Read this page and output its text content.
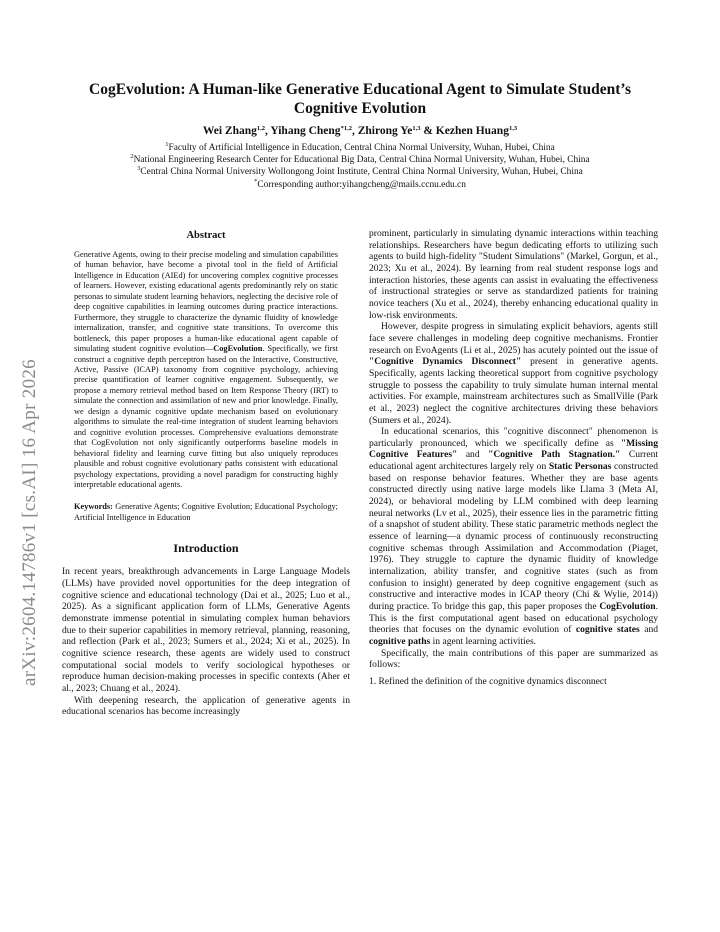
arXiv:2604.14786v1 [cs.AI] 16 Apr 2026
CogEvolution: A Human-like Generative Educational Agent to Simulate Student’s
Cognitive Evolution
Wei Zhang$^{1,2}$, Yihang Cheng$^{*1,2}$, Zhirong Ye$^{1,3}$ & Kezhen Huang$^{1,3}$
$^1$Faculty of Artificial Intelligence in Education, Central China Normal University, Wuhan, Hubei, China
$^2$National Engineering Research Center for Educational Big Data, Central China Normal University, Wuhan, Hubei, China
$^3$Central China Normal University Wollongong Joint Institute, Central China Normal University, Wuhan, Hubei, China
*Corresponding author:yihangcheng@mails.ccnu.edu.cn
Abstract

Generative Agents, owing to their precise modeling and simulation capabilities of human behavior, have become a pivotal tool in the field of Artificial Intelligence in Education (AIEd) for uncovering complex cognitive processes of learners. However, existing educational agents predominantly rely on static personas to simulate student learning behaviors, neglecting the decisive role of deep cognitive capabilities in learning outcomes during practice interactions. Furthermore, they struggle to characterize the dynamic fluidity of knowledge internalization, transfer, and cognitive state transitions. To overcome this bottleneck, this paper proposes a human-like educational agent capable of simulating student cognitive evolution—CogEvolution. Specifically, we first construct a cognitive depth perceptron based on the Interactive, Constructive, Active, Passive (ICAP) taxonomy from cognitive psychology, achieving precise quantification of learner cognitive engagement. Subsequently, we propose a memory retrieval method based on Item Response Theory (IRT) to simulate the connection and assimilation of new and prior knowledge. Finally, we design a dynamic cognitive update mechanism based on evolutionary algorithms to simulate the real-time integration of student learning behaviors and cognitive evolution processes. Comprehensive evaluations demonstrate that CogEvolution not only significantly outperforms baseline models in behavioral fidelity and learning curve fitting but also uniquely reproduces plausible and robust cognitive evolutionary paths consistent with educational psychology expectations, providing a novel paradigm for constructing highly interpretable educational agents.

Keywords: Generative Agents; Cognitive Evolution; Educational Psychology; Artificial Intelligence in Education

Introduction

In recent years, breakthrough advancements in Large Language Models (LLMs) have provided novel opportunities for the deep integration of cognitive science and educational technology (Dai et al., 2025; Luo et al., 2025). As a significant application form of LLMs, Generative Agents demonstrate immense potential in simulating complex human behaviors due to their superior capabilities in memory retrieval, planning, reasoning, and reflection (Park et al., 2023; Sumers et al., 2024; Xi et al., 2025). In cognitive science research, these agents are widely used to construct computational social models to verify sociological hypotheses or reproduce human decision-making processes in specific contexts (Aher et al., 2023; Chuang et al., 2024).

With deepening research, the application of generative agents in educational scenarios has become increasingly

prominent, particularly in simulating dynamic interactions within teaching relationships. Researchers have begun dedicating efforts to utilizing such agents to build high-fidelity "Student Simulations" (Markel, Gorgun, et al., 2023; Xu et al., 2024). By learning from real student response logs and interaction histories, these agents can assist in evaluating the effectiveness of instructional strategies or serve as standardized patients for training novice teachers (Xu et al., 2024), thereby enhancing educational quality in low-risk environments.

However, despite progress in simulating explicit behaviors, agents still face severe challenges in modeling deep cognitive mechanisms. Frontier research on EvoAgents (Li et al., 2025) has acutely pointed out the issue of "Cognitive Dynamics Disconnect" present in generative agents. Specifically, agents lacking theoretical support from cognitive psychology struggle to possess the capability to truly simulate human internal mental activities. For example, mainstream architectures such as SmallVille (Park et al., 2023) neglect the cognitive architectures driving these behaviors (Sumers et al., 2024).

In educational scenarios, this "cognitive disconnect" phenomenon is particularly pronounced, which we specifically define as "Missing Cognitive Features" and "Cognitive Path Stagnation." Current educational agent architectures largely rely on Static Personas constructed based on response behavior features. Whether they are base agents constructed directly using native large models like Llama 3 (Meta AI, 2024), or behavioral modeling by LLM combined with deep learning neural networks (Lv et al., 2025), their essence lies in the parametric fitting of a snapshot of student ability. These static parametric methods neglect the essence of learning—a dynamic process of continuously reconstructing cognitive schemas through Assimilation and Accommodation (Piaget, 1976). They struggle to capture the dynamic fluidity of knowledge internalization, ability transfer, and cognitive states (such as from confusion to insight) generated by deep cognitive engagement (such as constructive and interactive modes in ICAP theory (Chi & Wylie, 2014)) during practice. To bridge this gap, this paper proposes the CogEvolution. This is the first computational agent based on educational psychology theories that focuses on the dynamic evolution of cognitive states and cognitive paths in agent learning activities.

Specifically, the main contributions of this paper are summarized as follows:

1. Refined the definition of the cognitive dynamics disconnect
